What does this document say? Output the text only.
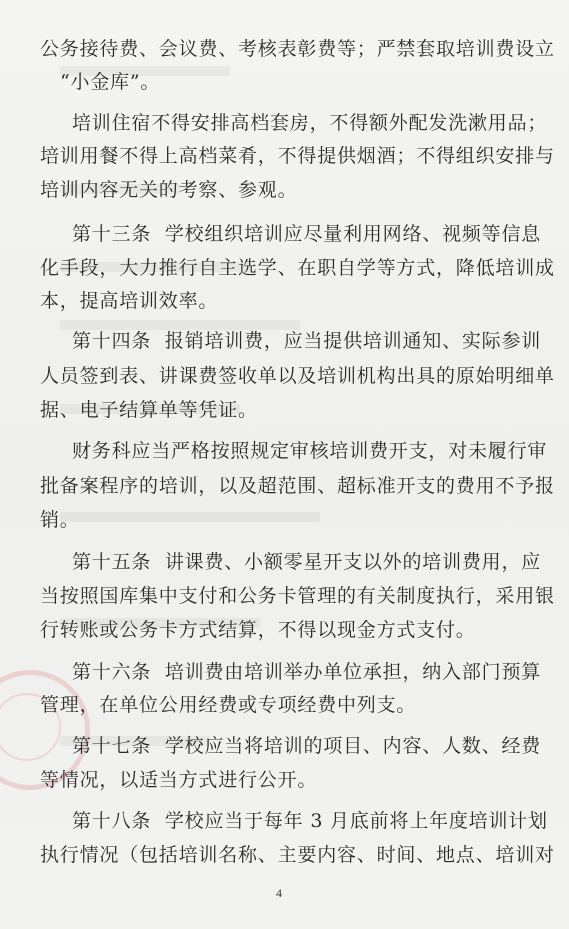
公务接待费、会议费、考核表彰费等；严禁套取培训费设立
“小金库”。
培训住宿不得安排高档套房，不得额外配发洗漱用品；
培训用餐不得上高档菜肴，不得提供烟酒；不得组织安排与
培训内容无关的考察、参观。
第十三条  学校组织培训应尽量利用网络、视频等信息
化手段，大力推行自主选学、在职自学等方式，降低培训成
本，提高培训效率。
第十四条  报销培训费，应当提供培训通知、实际参训
人员签到表、讲课费签收单以及培训机构出具的原始明细单
据、电子结算单等凭证。
财务科应当严格按照规定审核培训费开支，对未履行审
批备案程序的培训，以及超范围、超标准开支的费用不予报
销。
第十五条  讲课费、小额零星开支以外的培训费用，应
当按照国库集中支付和公务卡管理的有关制度执行，采用银
行转账或公务卡方式结算，不得以现金方式支付。
第十六条  培训费由培训举办单位承担，纳入部门预算
管理，在单位公用经费或专项经费中列支。
第十七条  学校应当将培训的项目、内容、人数、经费
等情况，以适当方式进行公开。
第十八条  学校应当于每年 3 月底前将上年度培训计划
执行情况（包括培训名称、主要内容、时间、地点、培训对
4
